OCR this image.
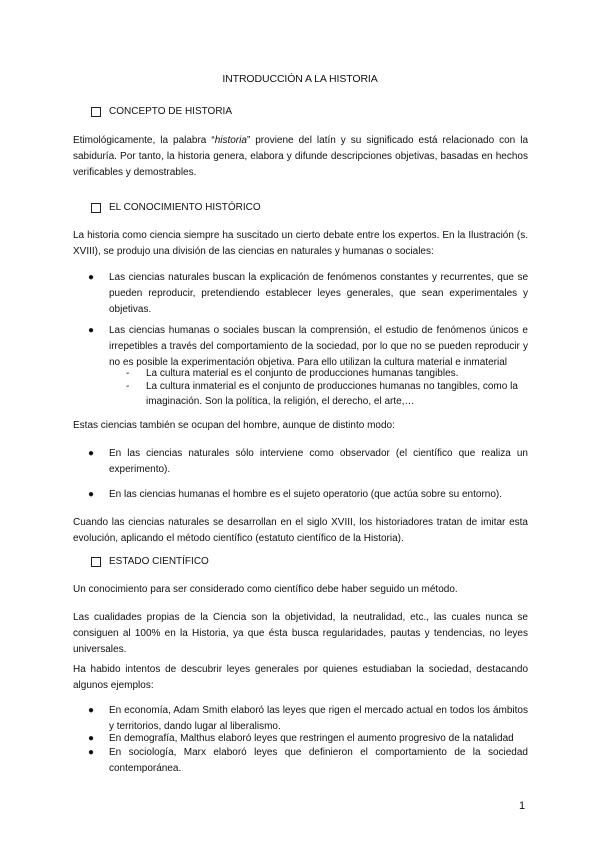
INTRODUCCIÓN A LA HISTORIA
CONCEPTO DE HISTORIA
Etimológicamente, la palabra “historia” proviene del latín y su significado está relacionado con la sabiduría. Por tanto, la historia genera, elabora y difunde descripciones objetivas, basadas en hechos verificables y demostrables.
EL CONOCIMIENTO HISTÓRICO
La historia como ciencia siempre ha suscitado un cierto debate entre los expertos. En la Ilustración (s. XVIII), se produjo una división de las ciencias en naturales y humanas o sociales:
● Las ciencias naturales buscan la explicación de fenómenos constantes y recurrentes, que se pueden reproducir, pretendiendo establecer leyes generales, que sean experimentales y objetivas.
● Las ciencias humanas o sociales buscan la comprensión, el estudio de fenómenos únicos e irrepetibles a través del comportamiento de la sociedad, por lo que no se pueden reproducir y no es posible la experimentación objetiva. Para ello utilizan la cultura material e inmaterial
- La cultura material es el conjunto de producciones humanas tangibles.
- La cultura inmaterial es el conjunto de producciones humanas no tangibles, como la imaginación. Son la política, la religión, el derecho, el arte,…
Estas ciencias también se ocupan del hombre, aunque de distinto modo:
● En las ciencias naturales sólo interviene como observador (el científico que realiza un experimento).
● En las ciencias humanas el hombre es el sujeto operatorio (que actúa sobre su entorno).
Cuando las ciencias naturales se desarrollan en el siglo XVIII, los historiadores tratan de imitar esta evolución, aplicando el método científico (estatuto científico de la Historia).
ESTADO CIENTÍFICO
Un conocimiento para ser considerado como científico debe haber seguido un método.
Las cualidades propias de la Ciencia son la objetividad, la neutralidad, etc., las cuales nunca se consiguen al 100% en la Historia, ya que ésta busca regularidades, pautas y tendencias, no leyes universales.
Ha habido intentos de descubrir leyes generales por quienes estudiaban la sociedad, destacando algunos ejemplos:
● En economía, Adam Smith elaboró las leyes que rigen el mercado actual en todos los ámbitos y territorios, dando lugar al liberalismo.
● En demografía, Malthus elaboró leyes que restringen el aumento progresivo de la natalidad
● En sociología, Marx elaboró leyes que definieron el comportamiento de la sociedad contemporánea.
1
